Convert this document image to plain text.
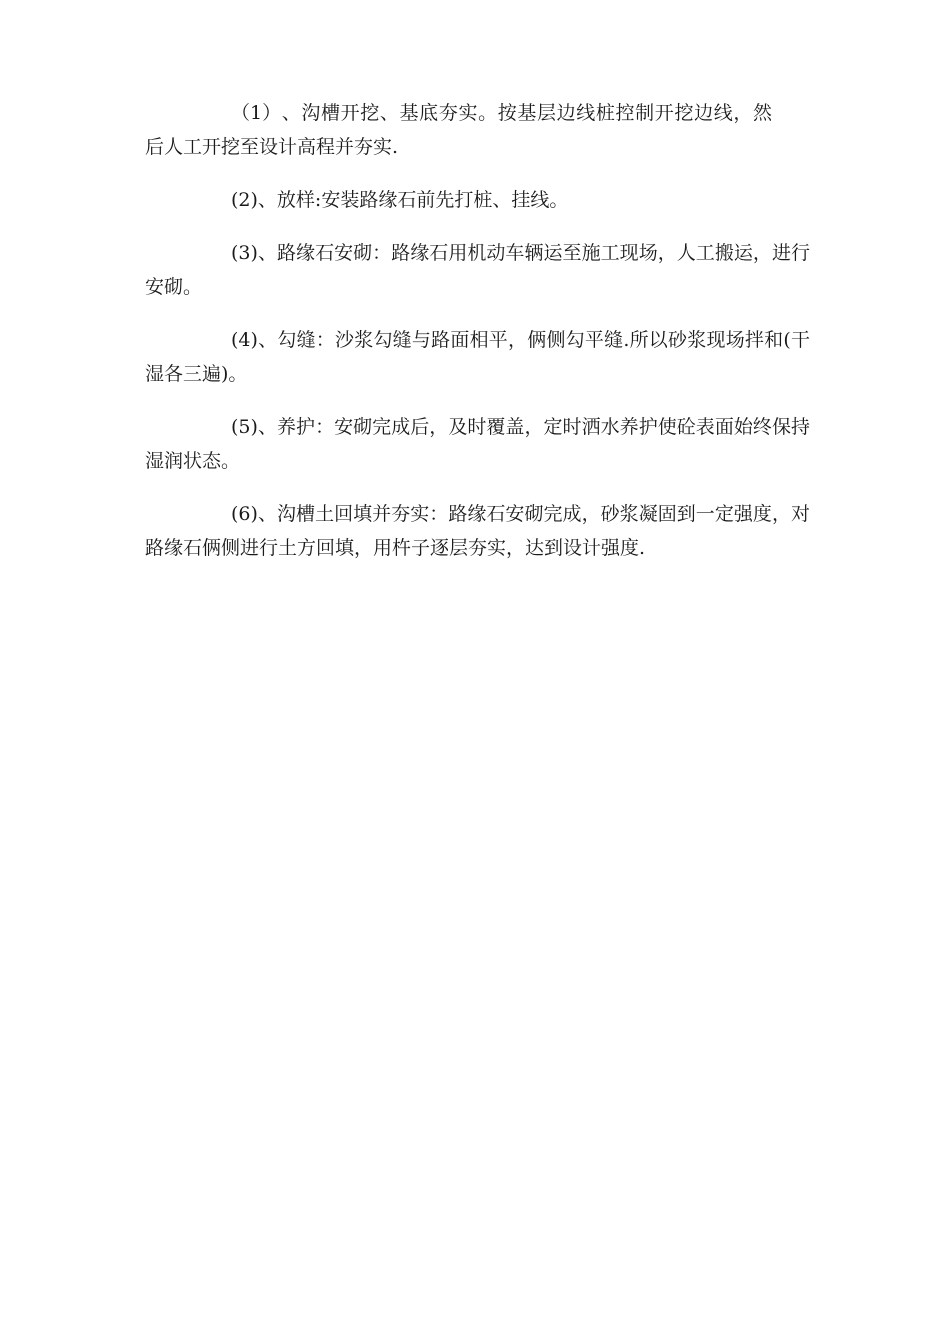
（1）、沟槽开挖、基底夯实。按基层边线桩控制开挖边线，然后人工开挖至设计高程并夯实.

(2)、放样:安装路缘石前先打桩、挂线。

(3)、路缘石安砌：路缘石用机动车辆运至施工现场，人工搬运，进行安砌。

(4)、勾缝：沙浆勾缝与路面相平，俩侧勾平缝.所以砂浆现场拌和(干湿各三遍)。

(5)、养护：安砌完成后，及时覆盖，定时洒水养护使砼表面始终保持湿润状态。

(6)、沟槽土回填并夯实：路缘石安砌完成，砂浆凝固到一定强度，对路缘石俩侧进行土方回填，用杵子逐层夯实，达到设计强度.
